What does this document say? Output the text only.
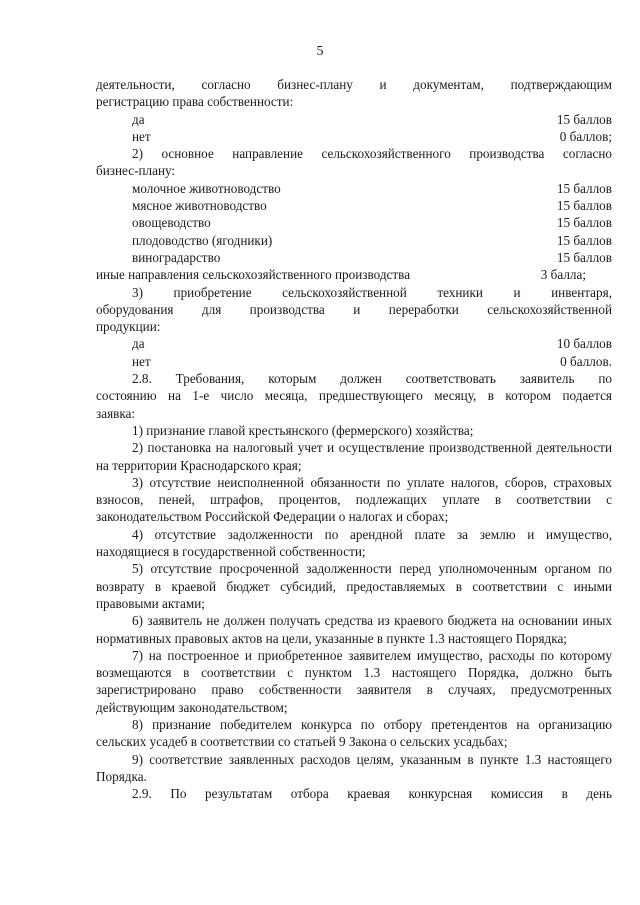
5

деятельности, согласно бизнес-плану и документам, подтверждающим

регистрацию права собственности:

да	15 баллов
нет	0 баллов;

2) основное направление сельскохозяйственного производства согласно

бизнес-плану:

молочное животноводство	15 баллов
мясное животноводство	15 баллов
овощеводство	15 баллов
плодоводство (ягодники)	15 баллов
виноградарство	15 баллов
иные направления сельскохозяйственного производства	3 балла;

3) приобретение сельскохозяйственной техники и инвентаря,

оборудования для производства и переработки сельскохозяйственной

продукции:

да	10 баллов
нет	0 баллов.

2.8. Требования, которым должен соответствовать заявитель по

состоянию на 1-е число месяца, предшествующего месяцу, в котором подается

заявка:

1) признание главой крестьянского (фермерского) хозяйства;

2) постановка на налоговый учет и осуществление производственной деятельности на территории Краснодарского края;

3) отсутствие неисполненной обязанности по уплате налогов, сборов, страховых взносов, пеней, штрафов, процентов, подлежащих уплате в соответствии с законодательством Российской Федерации о налогах и сборах;

4) отсутствие задолженности по арендной плате за землю и имущество, находящиеся в государственной собственности;

5) отсутствие просроченной задолженности перед уполномоченным органом по возврату в краевой бюджет субсидий, предоставляемых в соответствии с иными правовыми актами;

6) заявитель не должен получать средства из краевого бюджета на основании иных нормативных правовых актов на цели, указанные в пункте 1.3 настоящего Порядка;

7) на построенное и приобретенное заявителем имущество, расходы по которому возмещаются в соответствии с пунктом 1.3 настоящего Порядка, должно быть зарегистрировано право собственности заявителя в случаях, предусмотренных действующим законодательством;

8) признание победителем конкурса по отбору претендентов на организацию сельских усадеб в соответствии со статьей 9 Закона о сельских усадьбах;

9) соответствие заявленных расходов целям, указанным в пункте 1.3 настоящего Порядка.

2.9. По результатам отбора краевая конкурсная комиссия в день
